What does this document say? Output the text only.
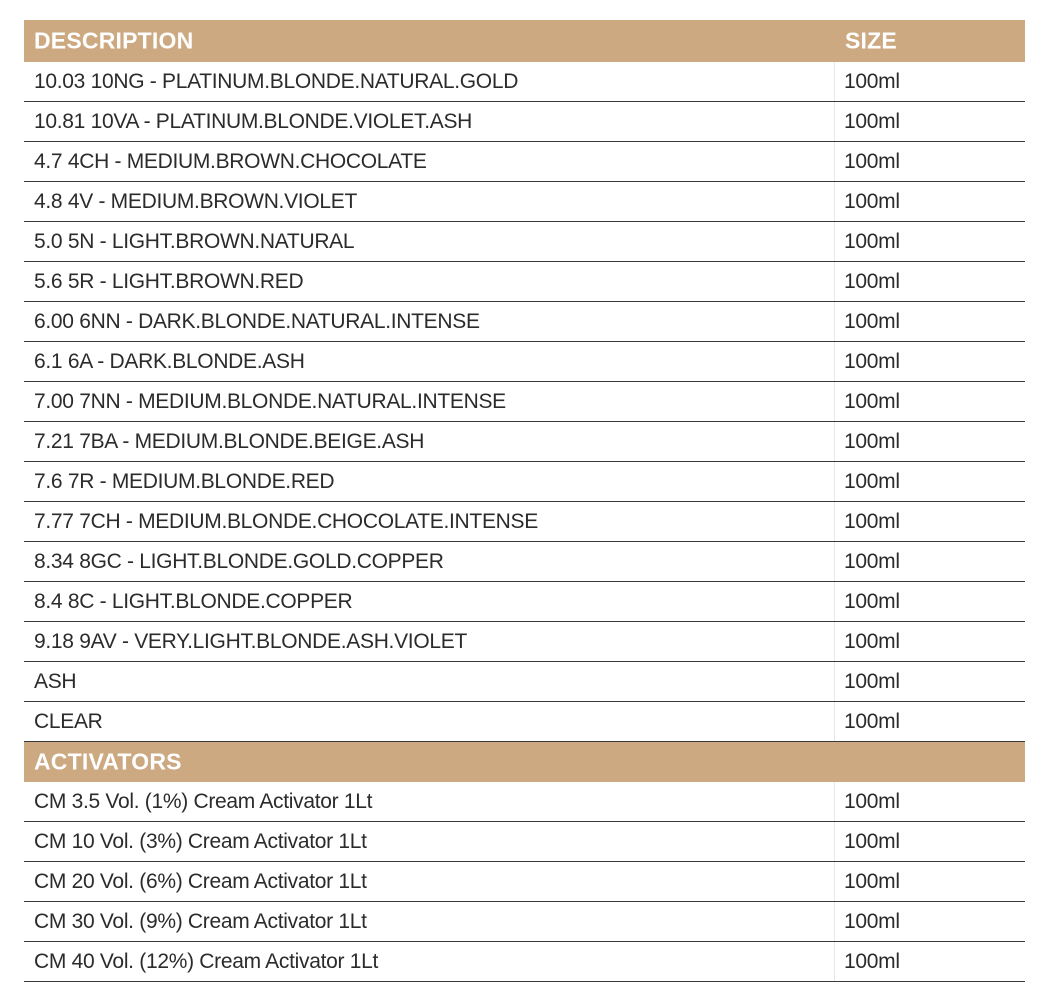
DESCRIPTION	SIZE
10.03 10NG - PLATINUM.BLONDE.NATURAL.GOLD	100ml
10.81 10VA - PLATINUM.BLONDE.VIOLET.ASH	100ml
4.7 4CH - MEDIUM.BROWN.CHOCOLATE	100ml
4.8 4V - MEDIUM.BROWN.VIOLET	100ml
5.0 5N - LIGHT.BROWN.NATURAL	100ml
5.6 5R - LIGHT.BROWN.RED	100ml
6.00 6NN - DARK.BLONDE.NATURAL.INTENSE	100ml
6.1 6A - DARK.BLONDE.ASH	100ml
7.00 7NN - MEDIUM.BLONDE.NATURAL.INTENSE	100ml
7.21 7BA - MEDIUM.BLONDE.BEIGE.ASH	100ml
7.6 7R - MEDIUM.BLONDE.RED	100ml
7.77 7CH - MEDIUM.BLONDE.CHOCOLATE.INTENSE	100ml
8.34 8GC - LIGHT.BLONDE.GOLD.COPPER	100ml
8.4 8C - LIGHT.BLONDE.COPPER	100ml
9.18 9AV - VERY.LIGHT.BLONDE.ASH.VIOLET	100ml
ASH	100ml
CLEAR	100ml
ACTIVATORS
CM 3.5 Vol. (1%) Cream Activator 1Lt	100ml
CM 10 Vol. (3%) Cream Activator 1Lt	100ml
CM 20 Vol. (6%) Cream Activator 1Lt	100ml
CM 30 Vol. (9%) Cream Activator 1Lt	100ml
CM 40 Vol. (12%) Cream Activator 1Lt	100ml
